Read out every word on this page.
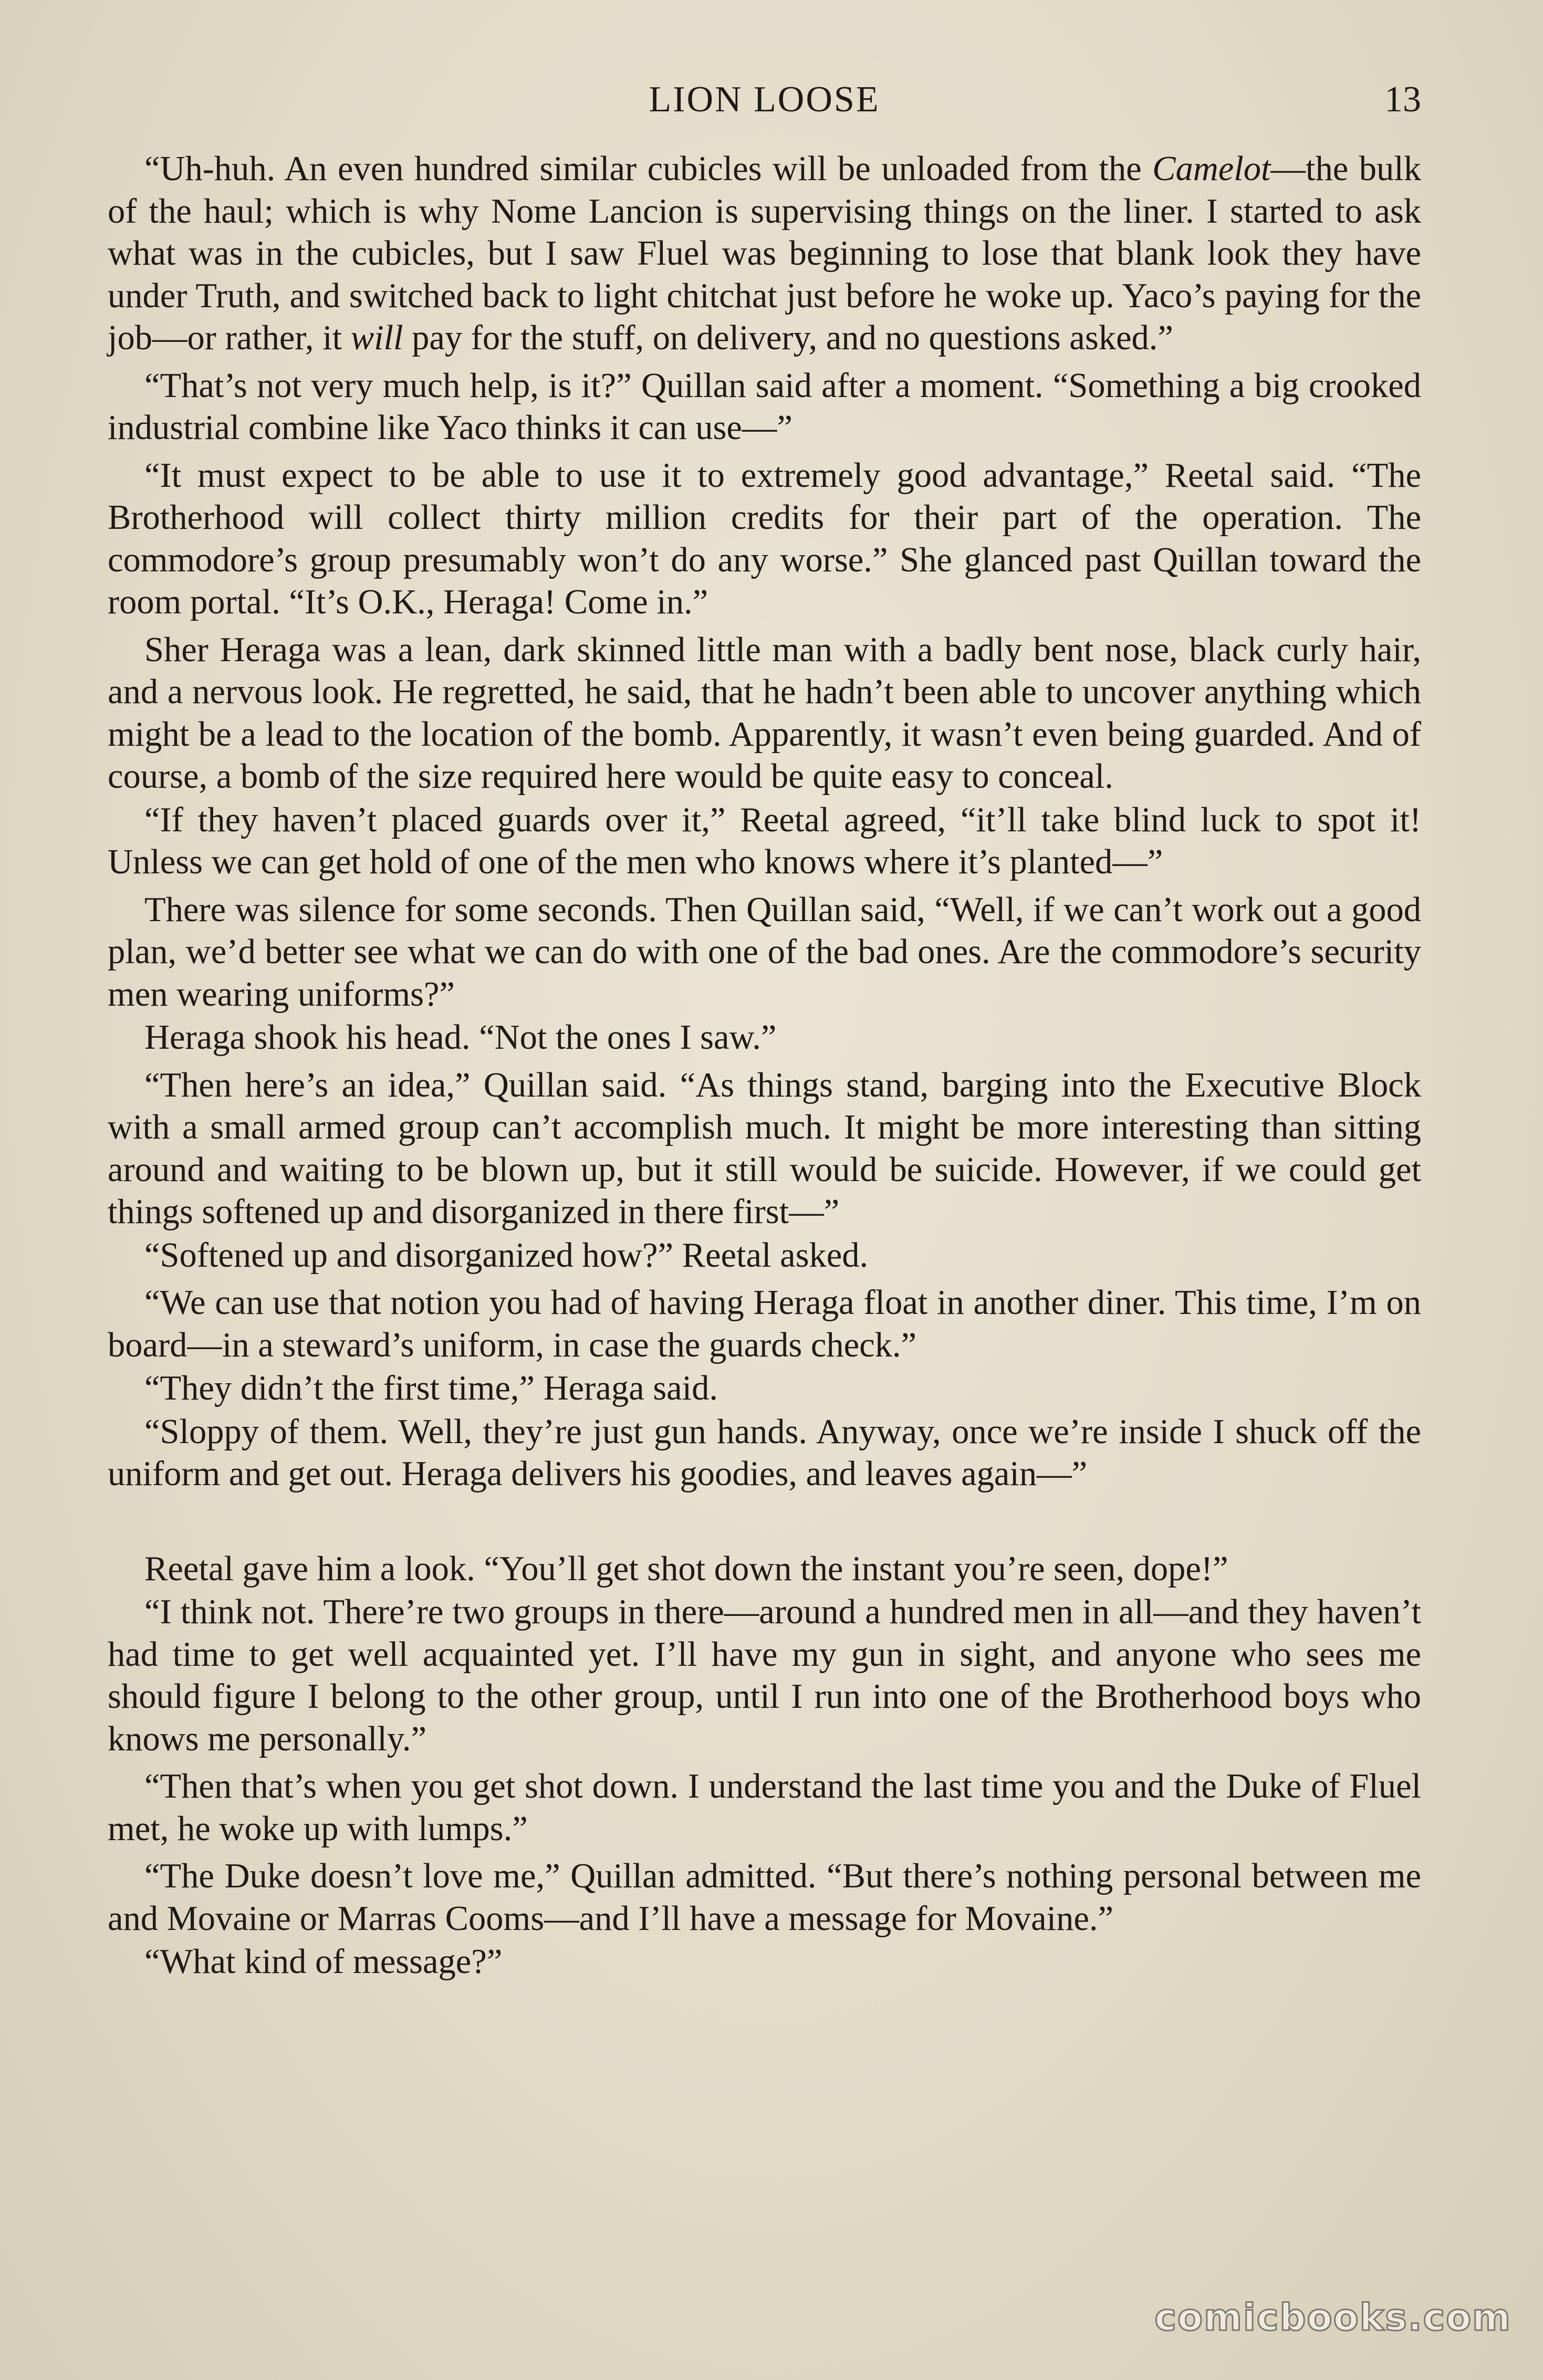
LION LOOSE	13

“Uh-huh. An even hundred similar cubicles will be unloaded from the Camelot—the bulk of the haul; which is why Nome Lancion is supervising things on the liner. I started to ask what was in the cubicles, but I saw Fluel was beginning to lose that blank look they have under Truth, and switched back to light chitchat just before he woke up. Yaco’s paying for the job—or rather, it will pay for the stuff, on delivery, and no questions asked.”

“That’s not very much help, is it?” Quillan said after a moment. “Something a big crooked industrial combine like Yaco thinks it can use—”

“It must expect to be able to use it to extremely good advantage,” Reetal said. “The Brotherhood will collect thirty million credits for their part of the operation. The commodore’s group presumably won’t do any worse.” She glanced past Quillan toward the room portal. “It’s O.K., Heraga! Come in.”

Sher Heraga was a lean, dark skinned little man with a badly bent nose, black curly hair, and a nervous look. He regretted, he said, that he hadn’t been able to uncover anything which might be a lead to the location of the bomb. Apparently, it wasn’t even being guarded. And of course, a bomb of the size required here would be quite easy to conceal.

“If they haven’t placed guards over it,” Reetal agreed, “it’ll take blind luck to spot it! Unless we can get hold of one of the men who knows where it’s planted—”

There was silence for some seconds. Then Quillan said, “Well, if we can’t work out a good plan, we’d better see what we can do with one of the bad ones. Are the commodore’s security men wearing uniforms?”

Heraga shook his head. “Not the ones I saw.”

“Then here’s an idea,” Quillan said. “As things stand, barging into the Executive Block with a small armed group can’t accomplish much. It might be more interesting than sitting around and waiting to be blown up, but it still would be suicide. However, if we could get things softened up and disorganized in there first—”

“Softened up and disorganized how?” Reetal asked.

“We can use that notion you had of having Heraga float in another diner. This time, I’m on board—in a steward’s uniform, in case the guards check.”

“They didn’t the first time,” Heraga said.

“Sloppy of them. Well, they’re just gun hands. Anyway, once we’re inside I shuck off the uniform and get out. Heraga delivers his goodies, and leaves again—”

Reetal gave him a look. “You’ll get shot down the instant you’re seen, dope!”

“I think not. There’re two groups in there—around a hundred men in all—and they haven’t had time to get well acquainted yet. I’ll have my gun in sight, and anyone who sees me should figure I belong to the other group, until I run into one of the Brotherhood boys who knows me personally.”

“Then that’s when you get shot down. I understand the last time you and the Duke of Fluel met, he woke up with lumps.”

“The Duke doesn’t love me,” Quillan admitted. “But there’s nothing personal between me and Movaine or Marras Cooms—and I’ll have a message for Movaine.”

“What kind of message?”

comicbooks.com
